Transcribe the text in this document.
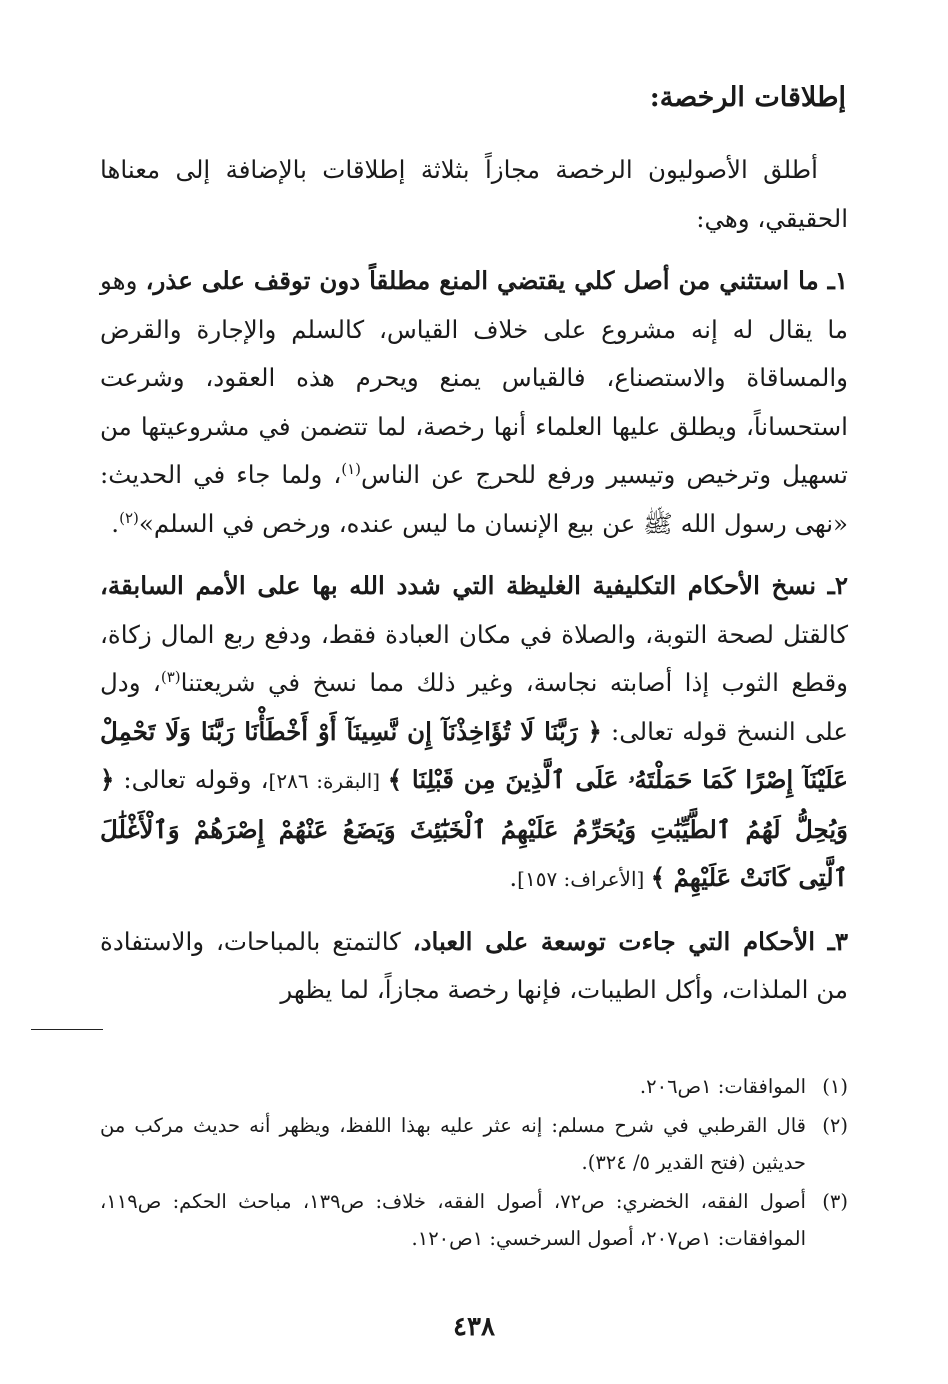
إطلاقات الرخصة:

أطلق الأصوليون الرخصة مجازاً بثلاثة إطلاقات بالإضافة إلى معناها الحقيقي، وهي:

١ـ ما استثني من أصل كلي يقتضي المنع مطلقاً دون توقف على عذر، وهو ما يقال له إنه مشروع على خلاف القياس، كالسلم والإجارة والقرض والمساقاة والاستصناع، فالقياس يمنع ويحرم هذه العقود، وشرعت استحساناً، ويطلق عليها العلماء أنها رخصة، لما تتضمن في مشروعيتها من تسهيل وترخيص وتيسير ورفع للحرج عن الناس$^{(١)}$، ولما جاء في الحديث: «نهى رسول الله ﷺ عن بيع الإنسان ما ليس عنده، ورخص في السلم»$^{(٢)}$.

٢ـ نسخ الأحكام التكليفية الغليظة التي شدد الله بها على الأمم السابقة، كالقتل لصحة التوبة، والصلاة في مكان العبادة فقط، ودفع ربع المال زكاة، وقطع الثوب إذا أصابته نجاسة، وغير ذلك مما نسخ في شريعتنا$^{(٣)}$، ودل على النسخ قوله تعالى: ﴿ رَبَّنَا لَا تُؤَاخِذْنَآ إِن نَّسِينَآ أَوْ أَخْطَأْنَا رَبَّنَا وَلَا تَحْمِلْ عَلَيْنَآ إِصْرًا كَمَا حَمَلْتَهُۥ عَلَى ٱلَّذِينَ مِن قَبْلِنَا ﴾ [البقرة: ٢٨٦]، وقوله تعالى: ﴿ وَيُحِلُّ لَهُمُ ٱلطَّيِّبَٰتِ وَيُحَرِّمُ عَلَيْهِمُ ٱلْخَبَٰٓئِثَ وَيَضَعُ عَنْهُمْ إِصْرَهُمْ وَٱلْأَغْلَٰلَ ٱلَّتِى كَانَتْ عَلَيْهِمْ ﴾ [الأعراف: ١٥٧].

٣ـ الأحكام التي جاءت توسعة على العباد، كالتمتع بالمباحات، والاستفادة من الملذات، وأكل الطيبات، فإنها رخصة مجازاً، لما يظهر

(١)
الموافقات: ١ص٢٠٦.
(٢)
قال القرطبي في شرح مسلم: إنه عثر عليه بهذا اللفظ، ويظهر أنه حديث مركب من حديثين (فتح القدير ٥/ ٣٢٤).
(٣)
أصول الفقه، الخضري: ص٧٢، أصول الفقه، خلاف: ص١٣٩، مباحث الحكم: ص١١٩، الموافقات: ١ص٢٠٧، أصول السرخسي: ١ص١٢٠.
٤٣٨
